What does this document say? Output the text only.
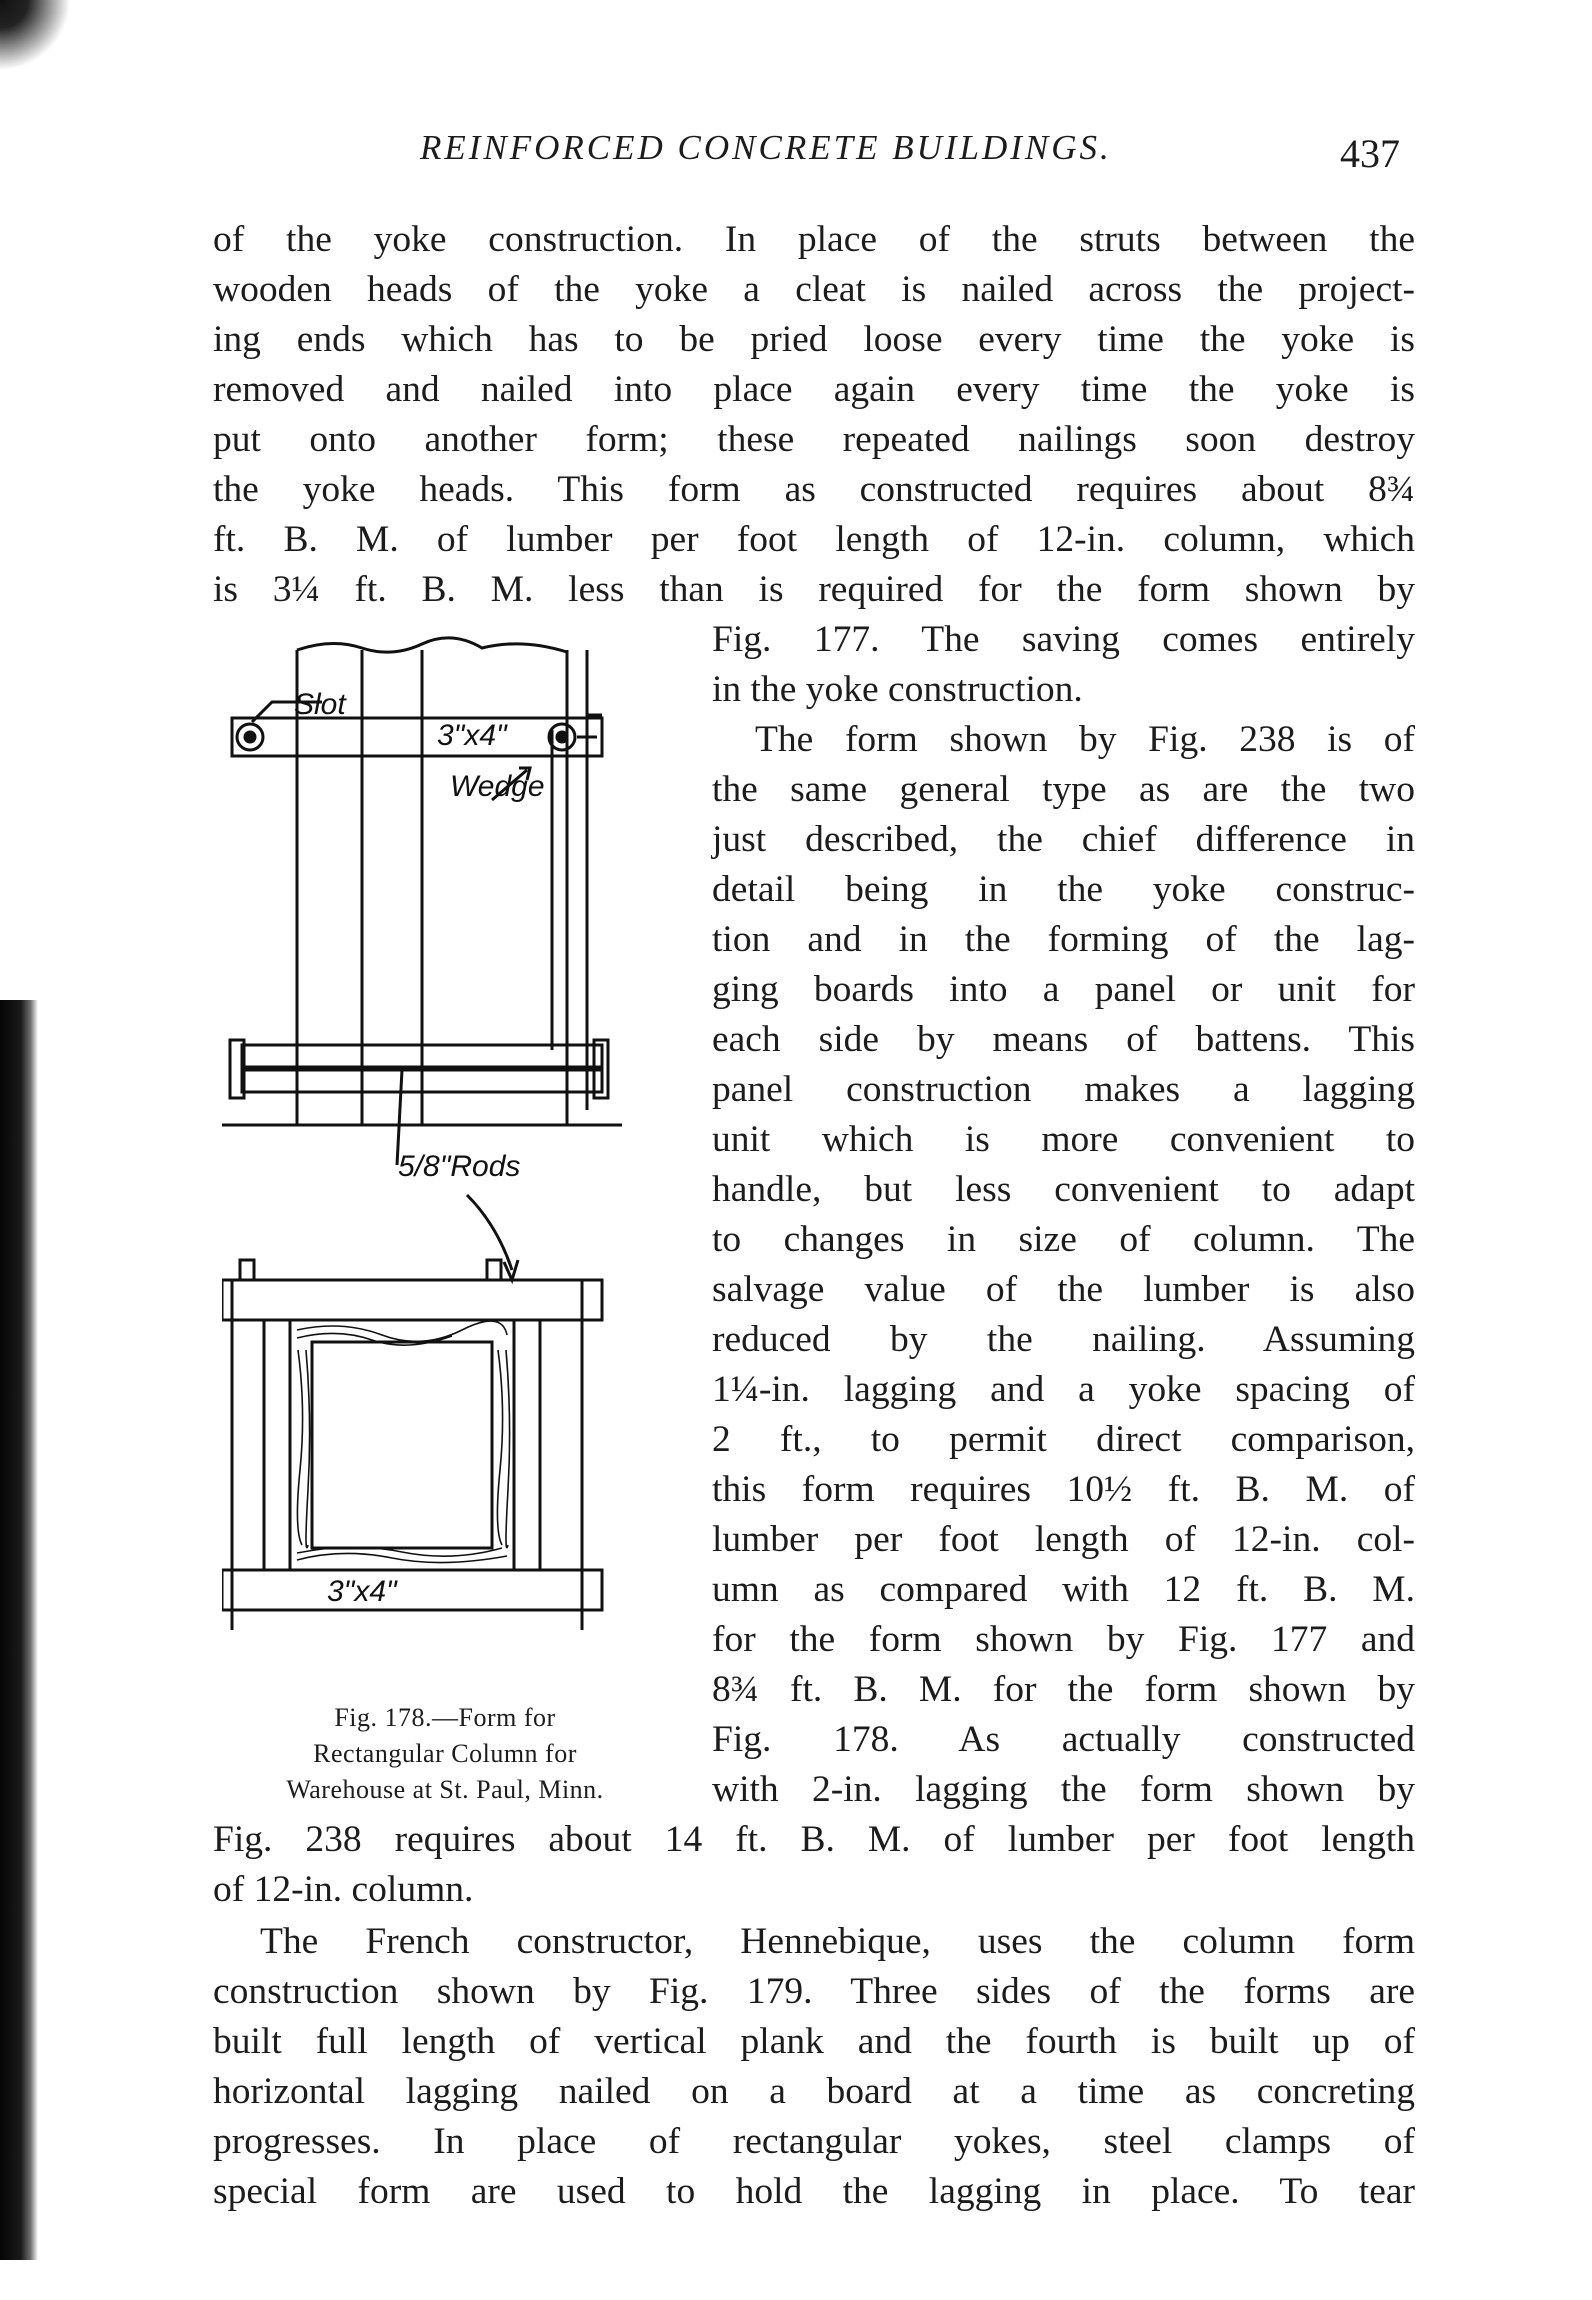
REINFORCED CONCRETE BUILDINGS.	437
of the yoke construction. In place of the struts between the
wooden heads of the yoke a cleat is nailed across the project-
ing ends which has to be pried loose every time the yoke is
removed and nailed into place again every time the yoke is
put onto another form; these repeated nailings soon destroy
the yoke heads. This form as constructed requires about 8¾
ft. B. M. of lumber per foot length of 12-in. column, which
is 3¼ ft. B. M. less than is required for the form shown by
Fig. 177. The saving comes entirely
in the yoke construction.
The form shown by Fig. 238 is of
the same general type as are the two
just described, the chief difference in
detail being in the yoke construc-
tion and in the forming of the lag-
ging boards into a panel or unit for
each side by means of battens. This
panel construction makes a lagging
unit which is more convenient to
handle, but less convenient to adapt
to changes in size of column. The
salvage value of the lumber is also
reduced by the nailing. Assuming
1¼-in. lagging and a yoke spacing of
2 ft., to permit direct comparison,
this form requires 10½ ft. B. M. of
lumber per foot length of 12-in. col-
umn as compared with 12 ft. B. M.
for the form shown by Fig. 177 and
8¾ ft. B. M. for the form shown by
Fig. 178. As actually constructed
with 2-in. lagging the form shown by
Fig. 238 requires about 14 ft. B. M. of lumber per foot length
of 12-in. column.
The French constructor, Hennebique, uses the column form
construction shown by Fig. 179. Three sides of the forms are
built full length of vertical plank and the fourth is built up of
horizontal lagging nailed on a board at a time as concreting
progresses. In place of rectangular yokes, steel clamps of
special form are used to hold the lagging in place. To tear
Slot
3"x4"
Wedge
5/8"Rods
3"x4"
Fig. 178.—Form for
Rectangular Column for
Warehouse at St. Paul, Minn.
